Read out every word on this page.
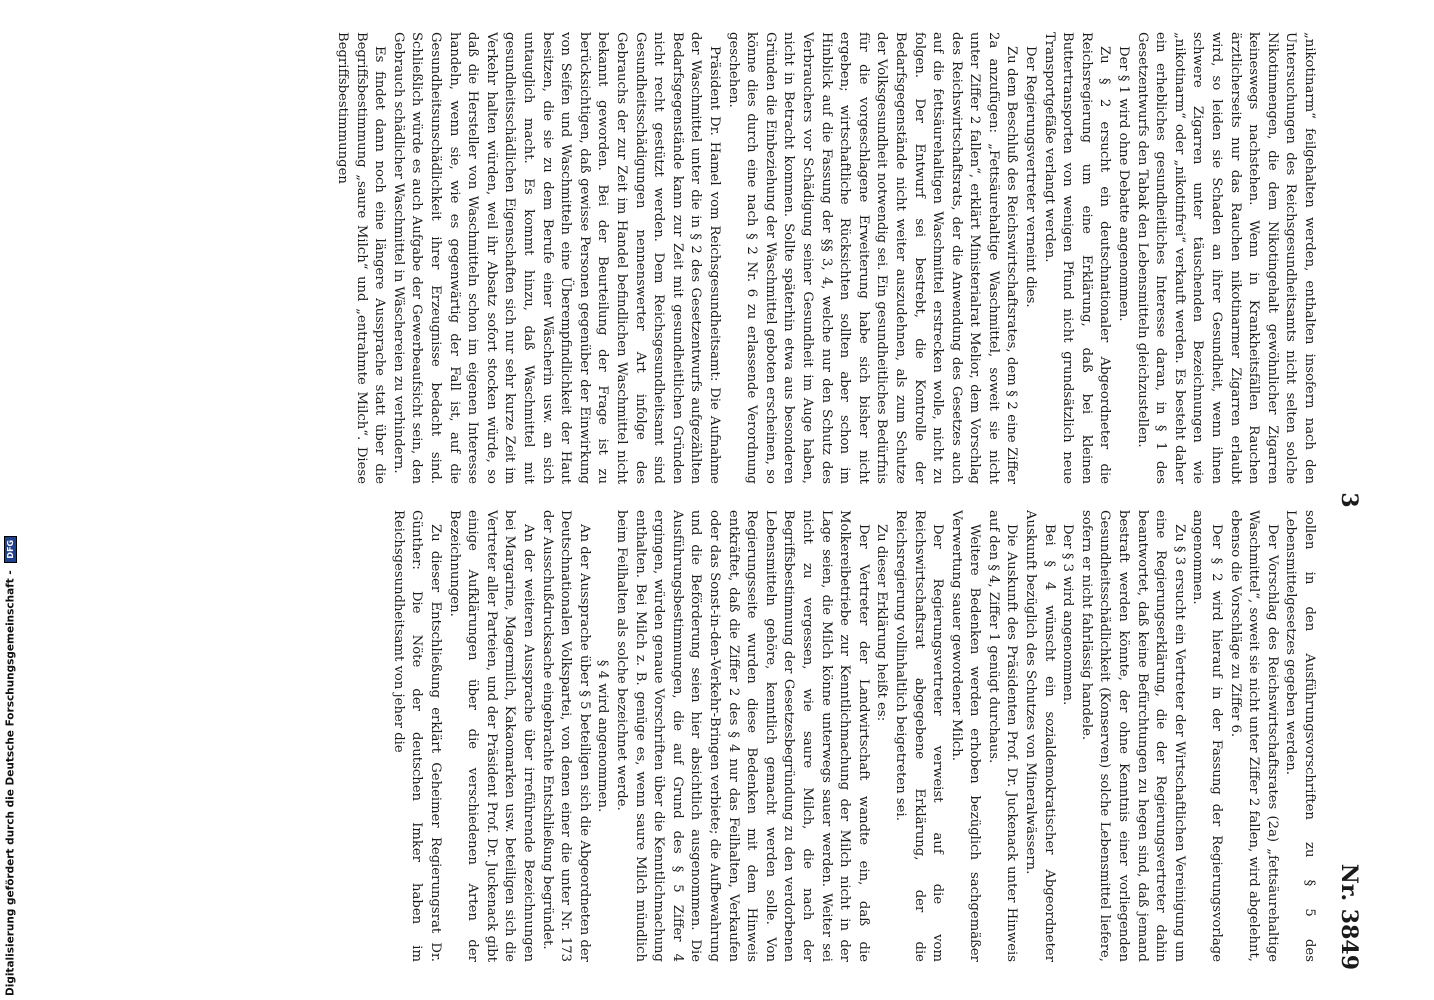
3
Nr. 3849

„nikotinarm“ feilgehalten werden, enthalten insofern nach den Untersuchungen des Reichsgesundheitsamts nicht selten solche Nikotinmengen, die dem Nikotingehalt gewöhnlicher Zigarren keineswegs nachstehen. Wenn in Krankheitsfällen Rauchen ärztlicherseits nur das Rauchen nikotinarmer Zigarren erlaubt wird, so leiden sie Schaden an ihrer Gesundheit, wenn ihnen schwere Zigarren unter täuschenden Bezeichnungen wie „nikotinarm“ oder „nikotinfrei“ verkauft werden. Es besteht daher ein erhebliches gesundheitliches Interesse daran, in § 1 des Gesetzentwurfs den Tabak den Lebensmitteln gleichzustellen.

Der § 1 wird ohne Debatte angenommen.

Zu § 2 ersucht ein deutschnationaler Abgeordneter die Reichsregierung um eine Erklärung, daß bei kleinen Buttertransporten von wenigen Pfund nicht grundsätzlich neue Transportgefäße verlangt werden.

Der Regierungsvertreter verneint dies.

Zu dem Beschluß des Reichswirtschaftsrates, dem § 2 eine Ziffer 2a anzufügen: „Fettsäurehaltige Waschmittel, soweit sie nicht unter Ziffer 2 fallen“, erklärt Ministerialrat Melior, dem Vorschlag des Reichswirtschaftsrats, der die Anwendung des Gesetzes auch auf die fettsäurehaltigen Waschmittel erstrecken wolle, nicht zu folgen. Der Entwurf sei bestrebt, die Kontrolle der Bedarfsgegenstände nicht weiter auszudehnen, als zum Schutze der Volksgesundheit notwendig sei. Ein gesundheitliches Bedürfnis für die vorgeschlagene Erweiterung habe sich bisher nicht ergeben; wirtschaftliche Rücksichten sollten aber schon im Hinblick auf die Fassung der §§ 3, 4, welche nur den Schutz des Verbrauchers vor Schädigung seiner Gesundheit im Auge haben, nicht in Betracht kommen. Sollte späterhin etwa aus besonderen Gründen die Einbeziehung der Waschmittel geboten erscheinen, so könne dies durch eine nach § 2 Nr. 6 zu erlassende Verordnung geschehen.

Präsident Dr. Hamel vom Reichsgesundheitsamt: Die Aufnahme der Waschmittel unter die in § 2 des Gesetzentwurfs aufgezählten Bedarfsgegenstände kann zur Zeit mit gesundheitlichen Gründen nicht recht gestützt werden. Dem Reichsgesundheitsamt sind Gesundheitsschädigungen nennenswerter Art infolge des Gebrauchs der zur Zeit im Handel befindlichen Waschmittel nicht bekannt geworden. Bei der Beurteilung der Frage ist zu berücksichtigen, daß gewisse Personen gegenüber der Einwirkung von Seifen und Waschmitteln eine Überempfindlichkeit der Haut besitzen, die sie zu dem Berufe einer Wäscherin usw. an sich untauglich macht. Es kommt hinzu, daß Waschmittel mit gesundheitsschädlichen Eigenschaften sich nur sehr kurze Zeit im Verkehr halten würden, weil ihr Absatz sofort stocken würde, so daß die Hersteller von Waschmitteln schon im eigenen Interesse handeln, wenn sie, wie es gegenwärtig der Fall ist, auf die Gesundheitsunschädlichkeit ihrer Erzeugnisse bedacht sind. Schließlich würde es auch Aufgabe der Gewerbeaufsicht sein, den Gebrauch schädlicher Waschmittel in Wäschereien zu verhindern.

Es findet dann noch eine längere Aussprache statt über die Begriffsbestimmung „saure Milch“ und „entrahmte Milch“. Diese Begriffsbestimmungen

sollen in den Ausführungsvorschriften zu § 5 des Lebensmittelgesetzes gegeben werden.

Der Vorschlag des Reichswirtschaftsrates (2a) „fettsäurehaltige Waschmittel“, soweit sie nicht unter Ziffer 2 fallen, wird abgelehnt, ebenso die Vorschläge zu Ziffer 6.

Der § 2 wird hierauf in der Fassung der Regierungsvorlage angenommen.

Zu § 3 ersucht ein Vertreter der Wirtschaftlichen Vereinigung um eine Regierungserklärung, die der Regierungsvertreter dahin beantwortet, daß keine Befürchtungen zu hegen sind, daß jemand bestraft werden könnte, der ohne Kenntnis einer vorliegenden Gesundheitsschädlichkeit (Konserven) solche Lebensmittel liefere, sofern er nicht fahrlässig handele.

Der § 3 wird angenommen.

Bei § 4 wünscht ein sozialdemokratischer Abgeordneter Auskunft bezüglich des Schutzes von Mineralwässern.

Die Auskunft des Präsidenten Prof. Dr. Juckenack unter Hinweis auf den § 4, Ziffer 1 genügt durchaus.

Weitere Bedenken werden erhoben bezüglich sachgemäßer Verwertung sauer gewordener Milch.

Der Regierungsvertreter verweist auf die vom Reichswirtschaftsrat abgegebene Erklärung, der die Reichsregierung vollinhaltlich beigetreten sei.

Zu dieser Erklärung heißt es:

Der Vertreter der Landwirtschaft wandte ein, daß die Molkereibetriebe zur Kenntlichmachung der Milch nicht in der Lage seien, die Milch könne unterwegs sauer werden. Weiter sei nicht zu vergessen, wie saure Milch, die nach der Begriffsbestimmung der Gesetzesbegründung zu den verdorbenen Lebensmitteln gehöre, kenntlich gemacht werden solle. Von Regierungsseite wurden diese Bedenken mit dem Hinweis entkräftet, daß die Ziffer 2 des § 4 nur das Feilhalten, Verkaufen oder das Sonst-in-den-Verkehr-Bringen verbiete; die Aufbewahrung und die Beförderung seien hier absichtlich ausgenommen. Die Ausführungsbestimmungen, die auf Grund des § 5 Ziffer 4 ergingen, würden genaue Vorschriften über die Kenntlichmachung enthalten. Bei Milch z. B. genüge es, wenn saure Milch mündlich beim Feilhalten als solche bezeichnet werde.

§ 4 wird angenommen.

An der Aussprache über § 5 beteiligen sich die Abgeordneten der Deutschnationalen Volkspartei, von denen einer die unter Nr. 173 der Ausschußdrucksache eingebrachte Entschließung begründet.

An der weiteren Aussprache über irreführende Bezeichnungen bei Margarine, Magermilch, Kakaomarken usw. beteiligen sich die Vertreter aller Parteien, und der Präsident Prof. Dr. Juckenack gibt einige Aufklärungen über die verschiedenen Arten der Bezeichnungen.

Zu dieser Entschließung erklärt Geheimer Regierungsrat Dr. Günther: Die Nöte der deutschen Imker haben im Reichsgesundheitsamt von jeher die

Digitalisierung gefördert durch die Deutsche Forschungsgemeinschaft - DFG
